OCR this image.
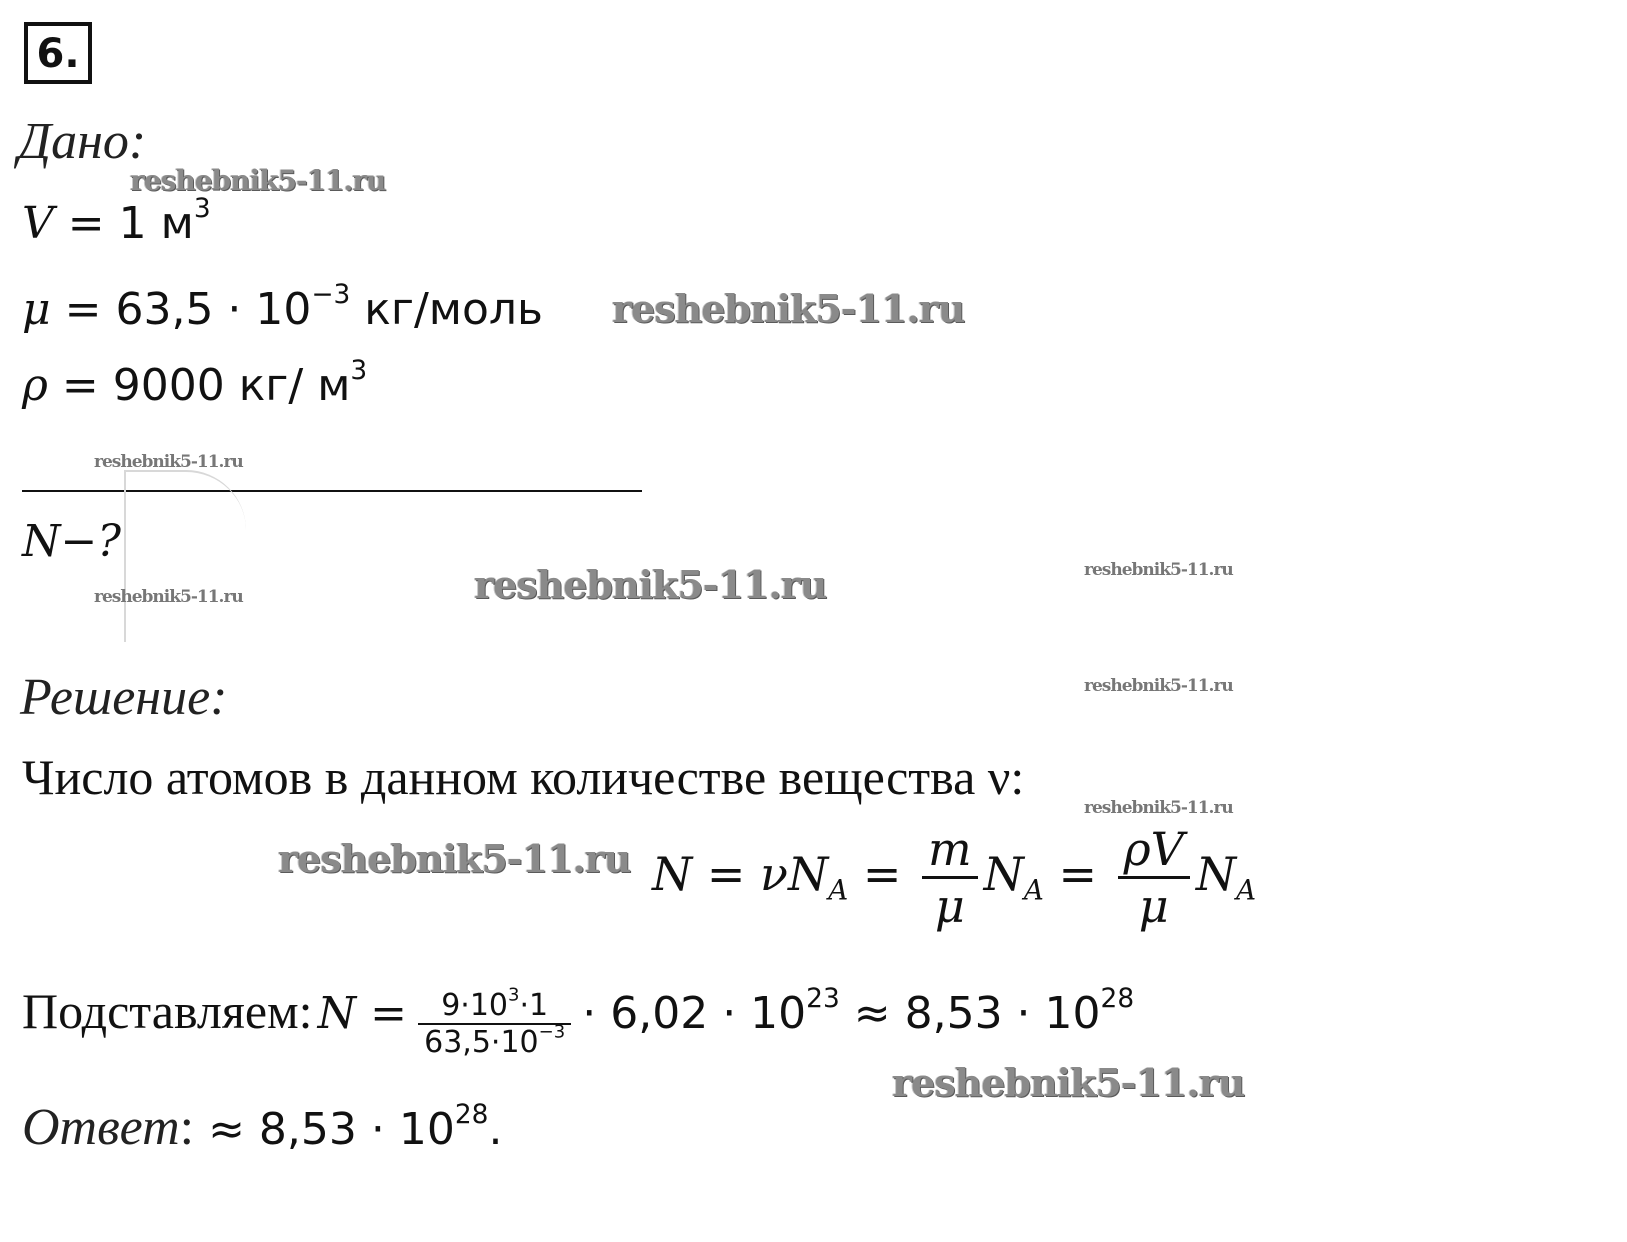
6.
Дано:
V = 1 $м^3$
$\mu = 63,5 \cdot 10^{-3}$ кг/моль
ρ = 9000 кг/ $м^3$
N−?
Решение:
Число атомов в данном количестве вещества ν:
$N = \nu N_A = \frac{m}{\mu} N_A = \frac{\rho V}{\mu} N_A$
Подставляем: $N = \frac{9\cdot 10^3\cdot 1}{63,5\cdot 10^{-3}} \cdot 6,02 \cdot 10^{23} \approx 8,53 \cdot 10^{28}$
Ответ: ≈ $8,53 \cdot 10^{28}$.
reshebnik5-11.ru
reshebnik5-11.ru
reshebnik5-11.ru
reshebnik5-11.ru	reshebnik5-11.ru
reshebnik5-11.ru
reshebnik5-11.ru
reshebnik5-11.ru
reshebnik5-11.ru
reshebnik5-11.ru
